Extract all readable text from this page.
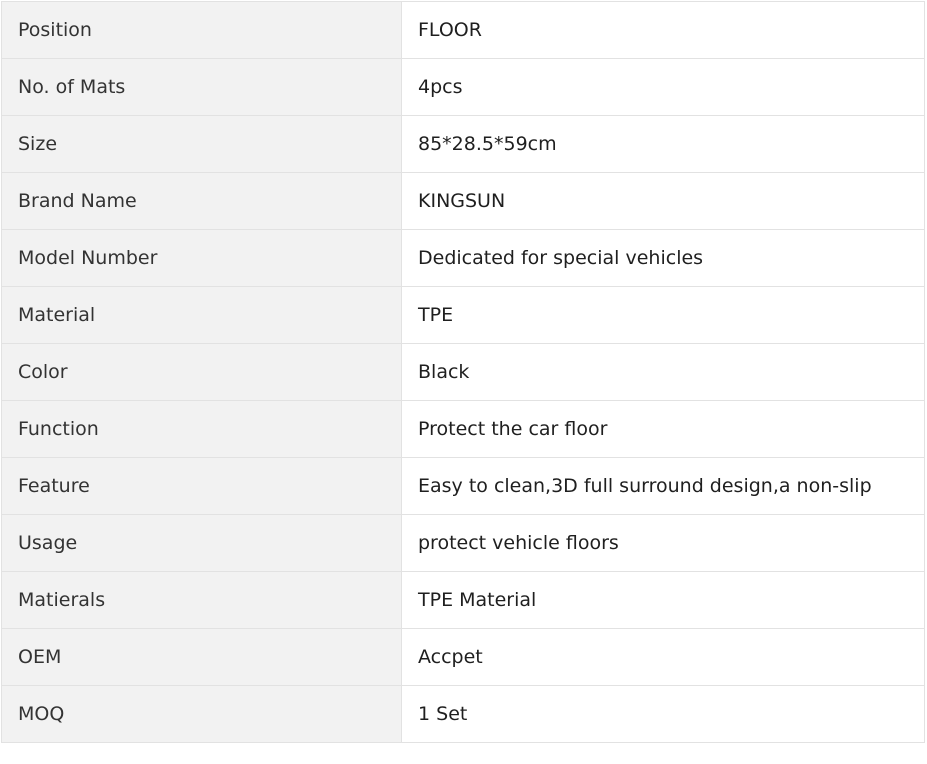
Position	FLOOR
No. of Mats	4pcs
Size	85*28.5*59cm
Brand Name	KINGSUN
Model Number	Dedicated for special vehicles
Material	TPE
Color	Black
Function	Protect the car floor
Feature	Easy to clean,3D full surround design,a non-slip
Usage	protect vehicle floors
Matierals	TPE Material
OEM	Accpet
MOQ	1 Set
